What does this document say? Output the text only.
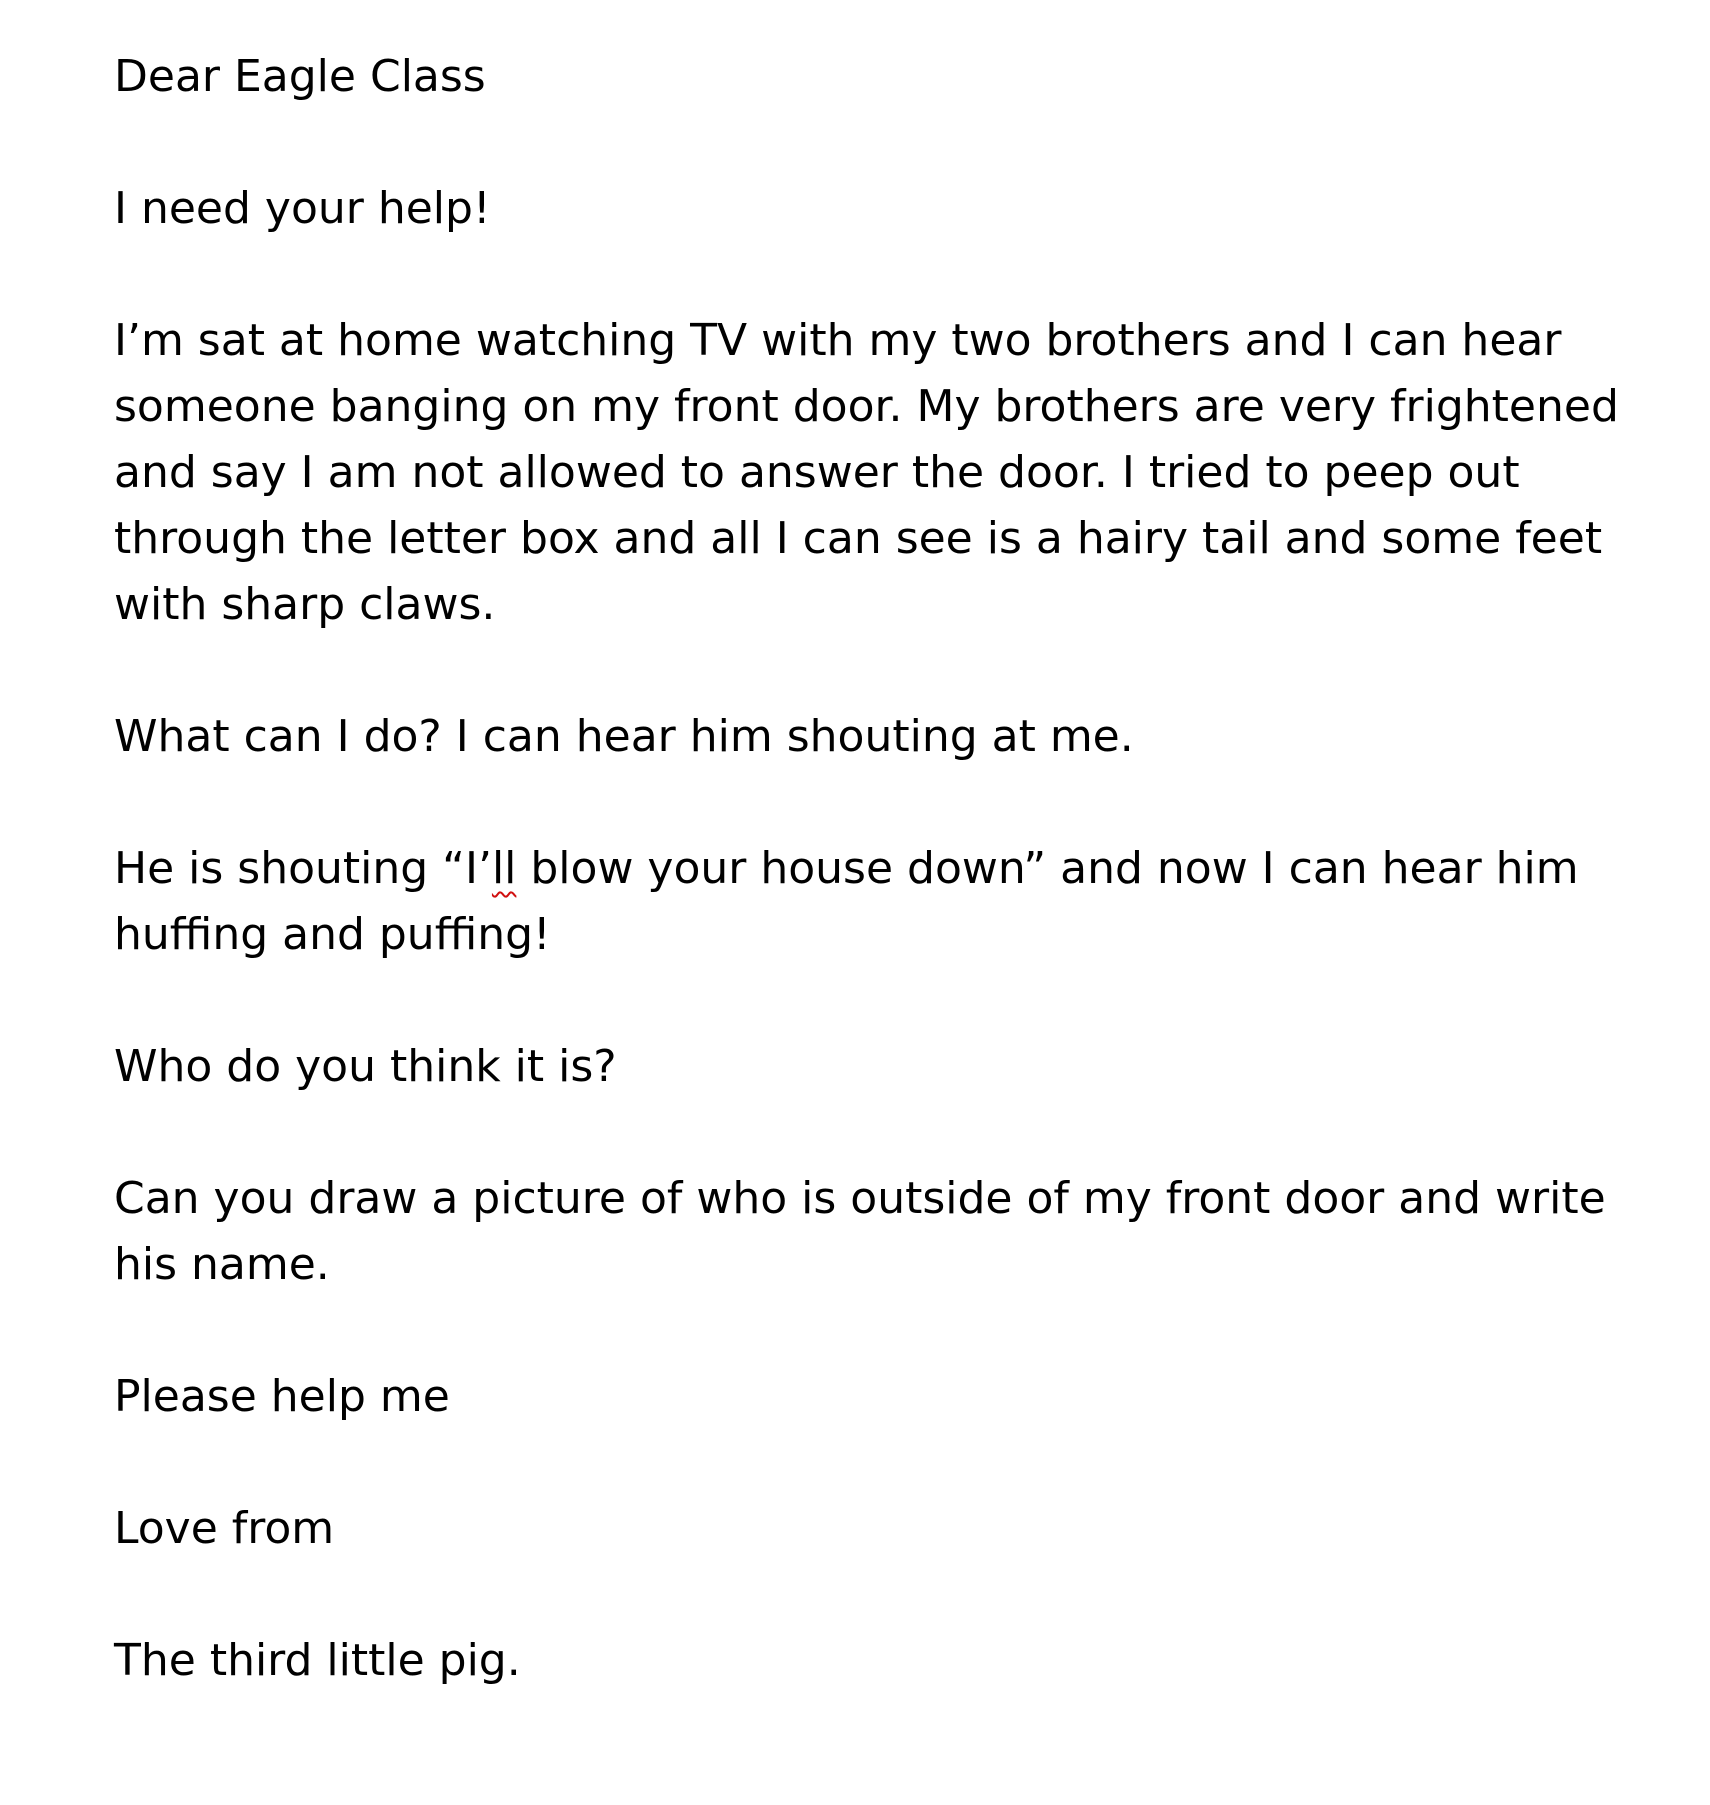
Dear Eagle Class

I need your help!

I’m sat at home watching TV with my two brothers and I can hear
someone banging on my front door. My brothers are very frightened
and say I am not allowed to answer the door. I tried to peep out
through the letter box and all I can see is a hairy tail and some feet
with sharp claws.

What can I do? I can hear him shouting at me.

He is shouting “I’ll blow your house down” and now I can hear him
huffing and puffing!

Who do you think it is?

Can you draw a picture of who is outside of my front door and write
his name.

Please help me

Love from

The third little pig.
